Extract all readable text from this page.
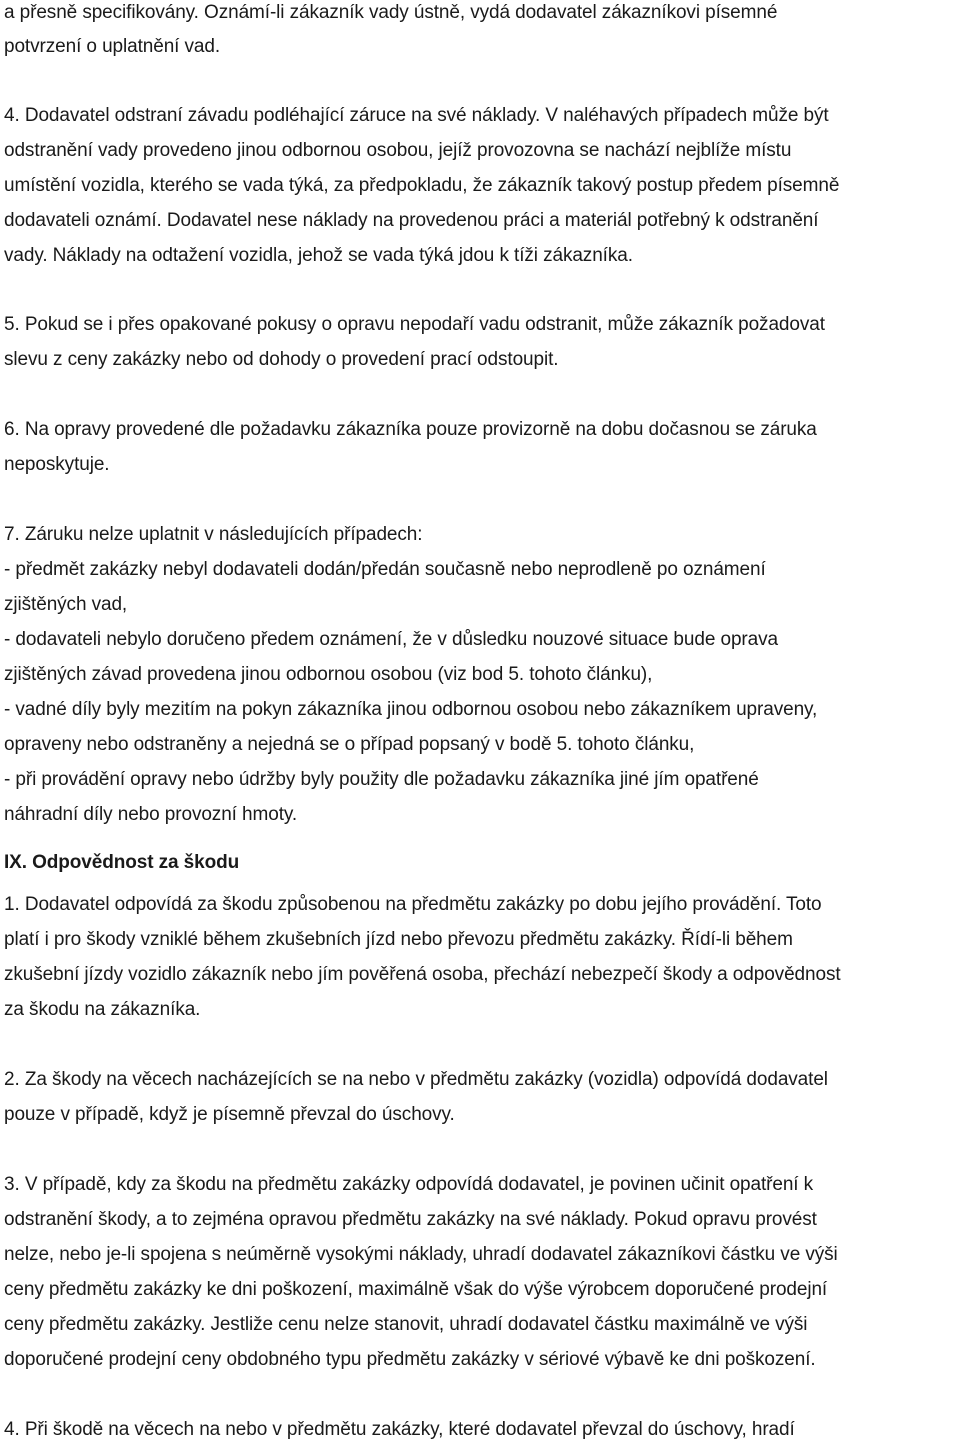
a přesně specifikovány. Oznámí-li zákazník vady ústně, vydá dodavatel zákazníkovi písemné
potvrzení o uplatnění vad.
4. Dodavatel odstraní závadu podléhající záruce na své náklady. V naléhavých případech může být
odstranění vady provedeno jinou odbornou osobou, jejíž provozovna se nachází nejblíže místu
umístění vozidla, kterého se vada týká, za předpokladu, že zákazník takový postup předem písemně
dodavateli oznámí. Dodavatel nese náklady na provedenou práci a materiál potřebný k odstranění
vady. Náklady na odtažení vozidla, jehož se vada týká jdou k tíži zákazníka.
5. Pokud se i přes opakované pokusy o opravu nepodaří vadu odstranit, může zákazník požadovat
slevu z ceny zakázky nebo od dohody o provedení prací odstoupit.
6. Na opravy provedené dle požadavku zákazníka pouze provizorně na dobu dočasnou se záruka
neposkytuje.
7. Záruku nelze uplatnit v následujících případech:
- předmět zakázky nebyl dodavateli dodán/předán současně nebo neprodleně po oznámení
zjištěných vad,
- dodavateli nebylo doručeno předem oznámení, že v důsledku nouzové situace bude oprava
zjištěných závad provedena jinou odbornou osobou (viz bod 5. tohoto článku),
- vadné díly byly mezitím na pokyn zákazníka jinou odbornou osobou nebo zákazníkem upraveny,
opraveny nebo odstraněny a nejedná se o případ popsaný v bodě 5. tohoto článku,
- při provádění opravy nebo údržby byly použity dle požadavku zákazníka jiné jím opatřené
náhradní díly nebo provozní hmoty.
IX. Odpovědnost za škodu
1. Dodavatel odpovídá za škodu způsobenou na předmětu zakázky po dobu jejího provádění. Toto
platí i pro škody vzniklé během zkušebních jízd nebo převozu předmětu zakázky. Řídí-li během
zkušební jízdy vozidlo zákazník nebo jím pověřená osoba, přechází nebezpečí škody a odpovědnost
za škodu na zákazníka.
2. Za škody na věcech nacházejících se na nebo v předmětu zakázky (vozidla) odpovídá dodavatel
pouze v případě, když je písemně převzal do úschovy.
3. V případě, kdy za škodu na předmětu zakázky odpovídá dodavatel, je povinen učinit opatření k
odstranění škody, a to zejména opravou předmětu zakázky na své náklady. Pokud opravu provést
nelze, nebo je-li spojena s neúměrně vysokými náklady, uhradí dodavatel zákazníkovi částku ve výši
ceny předmětu zakázky ke dni poškození, maximálně však do výše výrobcem doporučené prodejní
ceny předmětu zakázky. Jestliže cenu nelze stanovit, uhradí dodavatel částku maximálně ve výši
doporučené prodejní ceny obdobného typu předmětu zakázky v sériové výbavě ke dni poškození.
4. Při škodě na věcech na nebo v předmětu zakázky, které dodavatel převzal do úschovy, hradí
